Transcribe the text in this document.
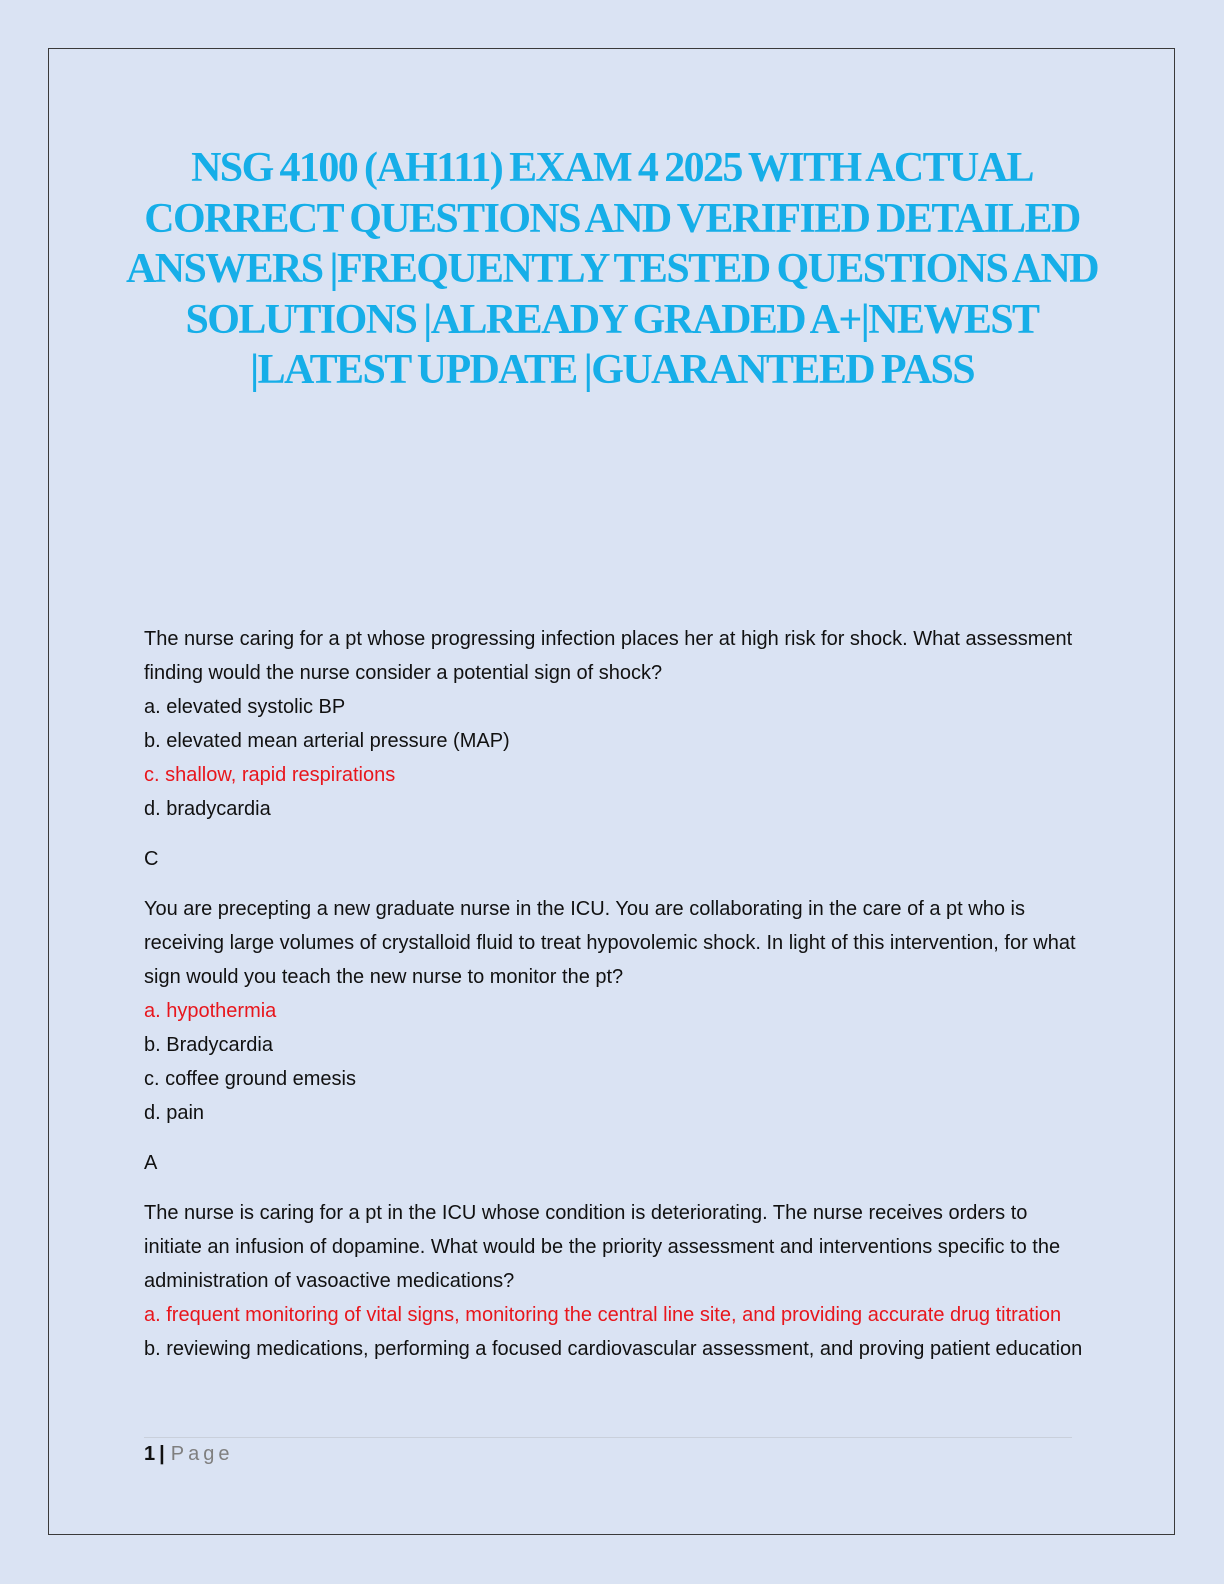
NSG 4100 (AH111) EXAM 4 2025 WITH ACTUAL CORRECT QUESTIONS AND VERIFIED DETAILED ANSWERS |FREQUENTLY TESTED QUESTIONS AND SOLUTIONS |ALREADY GRADED A+|NEWEST |LATEST UPDATE |GUARANTEED PASS

The nurse caring for a pt whose progressing infection places her at high risk for shock. What assessment finding would the nurse consider a potential sign of shock?

a. elevated systolic BP

b. elevated mean arterial pressure (MAP)

c. shallow, rapid respirations

d. bradycardia

C

You are precepting a new graduate nurse in the ICU. You are collaborating in the care of a pt who is receiving large volumes of crystalloid fluid to treat hypovolemic shock. In light of this intervention, for what sign would you teach the new nurse to monitor the pt?

a. hypothermia

b. Bradycardia

c. coffee ground emesis

d. pain

A

The nurse is caring for a pt in the ICU whose condition is deteriorating. The nurse receives orders to initiate an infusion of dopamine. What would be the priority assessment and interventions specific to the administration of vasoactive medications?

a. frequent monitoring of vital signs, monitoring the central line site, and providing accurate drug titration

b. reviewing medications, performing a focused cardiovascular assessment, and proving patient education

1 | Page
